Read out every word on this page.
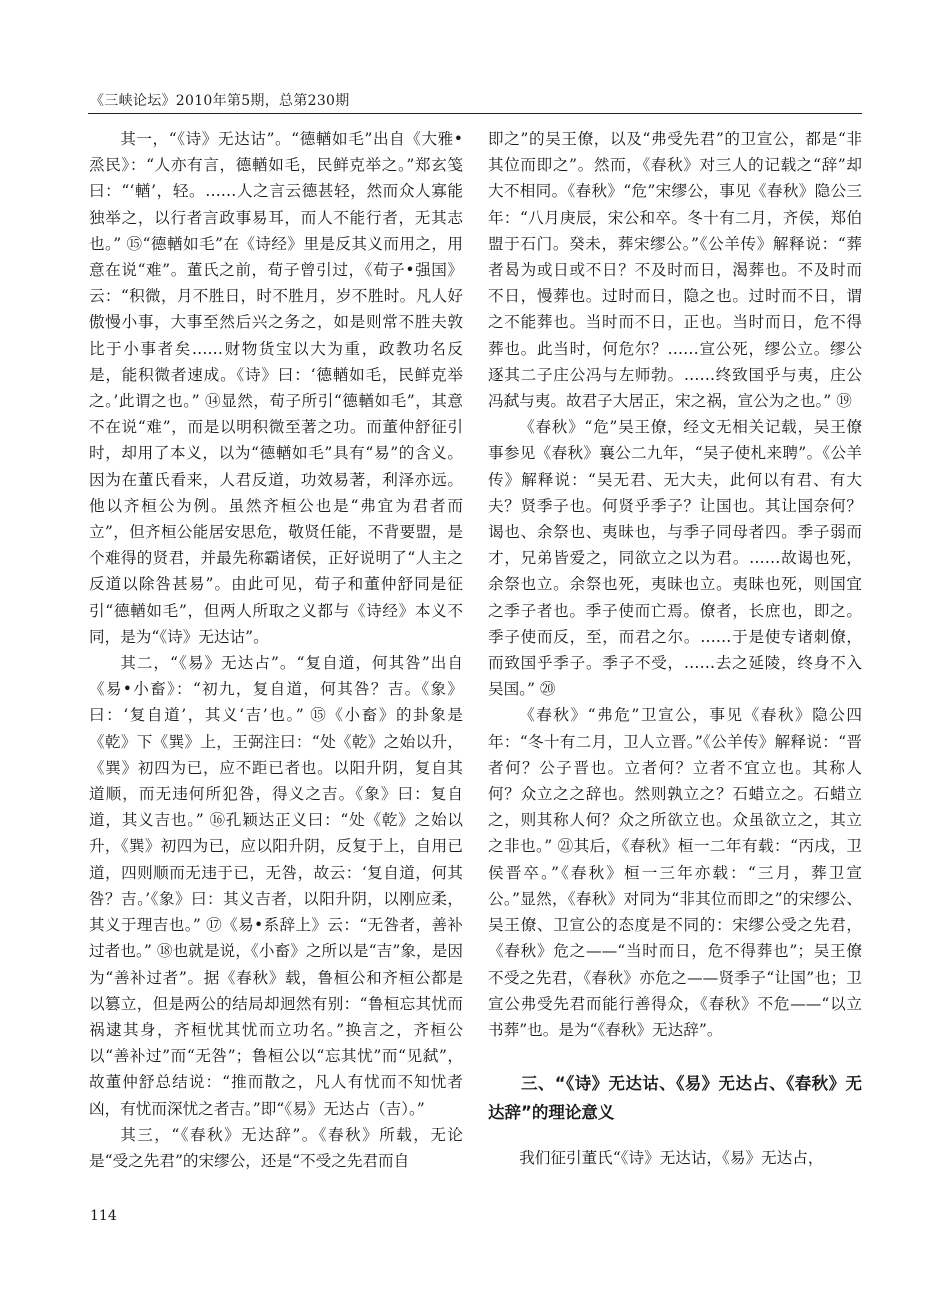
《三峡论坛》2010年第5期，总第230期

其一，“《诗》无达诂”。“德輶如毛”出自《大雅•烝民》：“人亦有言，德輶如毛，民鲜克举之。”郑玄笺曰：“‘輶’，轻。……人之言云德甚轻，然而众人寡能独举之，以行者言政事易耳，而人不能行者，无其志也。” ⑮“德輶如毛”在《诗经》里是反其义而用之，用意在说“难”。董氏之前，荀子曾引过，《荀子•强国》云：“积微，月不胜日，时不胜月，岁不胜时。凡人好傲慢小事，大事至然后兴之务之，如是则常不胜夫敦比于小事者矣……财物货宝以大为重，政教功名反是，能积微者速成。《诗》曰：‘德輶如毛，民鲜克举之。’此谓之也。” ⑭显然，荀子所引“德輶如毛”，其意不在说“难”，而是以明积微至著之功。而董仲舒征引时，却用了本义，以为“德輶如毛”具有“易”的含义。因为在董氏看来，人君反道，功效易著，利泽亦远。他以齐桓公为例。虽然齐桓公也是“弗宜为君者而立”，但齐桓公能居安思危，敬贤任能，不背要盟，是个难得的贤君，并最先称霸诸侯，正好说明了“人主之反道以除咎甚易”。由此可见，荀子和董仲舒同是征引“德輶如毛”，但两人所取之义都与《诗经》本义不同，是为“《诗》无达诂”。

其二，“《易》无达占”。“复自道，何其咎”出自《易•小畜》：“初九，复自道，何其咎？吉。《象》曰：‘复自道’，其义‘吉’也。” ⑮《小畜》的卦象是《乾》下《巽》上，王弼注曰：“处《乾》之始以升，《巽》初四为已，应不距已者也。以阳升阴，复自其道顺，而无违何所犯咎，得义之吉。《象》曰：复自道，其义吉也。” ⑯孔颖达正义曰：“处《乾》之始以升，《巽》初四为已，应以阳升阴，反复于上，自用已道，四则顺而无违于已，无咎，故云：‘复自道，何其咎？吉。’《象》曰：其义吉者，以阳升阴，以刚应柔，其义于理吉也。” ⑰《易•系辞上》云：“无咎者，善补过者也。” ⑱也就是说，《小畜》之所以是“吉”象，是因为“善补过者”。据《春秋》载，鲁桓公和齐桓公都是以篡立，但是两公的结局却迥然有别：“鲁桓忘其忧而祸逮其身，齐桓忧其忧而立功名。”换言之，齐桓公以“善补过”而“无咎”；鲁桓公以“忘其忧”而“见弑”，故董仲舒总结说：“推而散之，凡人有忧而不知忧者凶，有忧而深忧之者吉。”即“《易》无达占（吉）。”

其三，“《春秋》无达辞”。《春秋》所载，无论是“受之先君”的宋缪公，还是“不受之先君而自

即之”的吴王僚，以及“弗受先君”的卫宣公，都是“非其位而即之”。然而，《春秋》对三人的记载之“辞”却大不相同。《春秋》“危”宋缪公，事见《春秋》隐公三年：“八月庚辰，宋公和卒。冬十有二月，齐侯，郑伯盟于石门。癸未，葬宋缪公。”《公羊传》解释说：“葬者曷为或日或不日？不及时而日，渴葬也。不及时而不日，慢葬也。过时而日，隐之也。过时而不日，谓之不能葬也。当时而不日，正也。当时而日，危不得葬也。此当时，何危尔？……宣公死，缪公立。缪公逐其二子庄公冯与左师勃。……终致国乎与夷，庄公冯弑与夷。故君子大居正，宋之祸，宣公为之也。” ⑲

《春秋》“危”吴王僚，经文无相关记载，吴王僚事参见《春秋》襄公二九年，“吴子使札来聘”。《公羊传》解释说：“吴无君、无大夫，此何以有君、有大夫？贤季子也。何贤乎季子？让国也。其让国奈何？谒也、余祭也、夷昧也，与季子同母者四。季子弱而才，兄弟皆爱之，同欲立之以为君。……故谒也死，余祭也立。余祭也死，夷昧也立。夷昧也死，则国宜之季子者也。季子使而亡焉。僚者，长庶也，即之。季子使而反，至，而君之尔。……于是使专诸刺僚，而致国乎季子。季子不受，……去之延陵，终身不入吴国。” ⑳

《春秋》“弗危”卫宣公，事见《春秋》隐公四年：“冬十有二月，卫人立晋。”《公羊传》解释说：“晋者何？公子晋也。立者何？立者不宜立也。其称人何？众立之之辞也。然则孰立之？石蜡立之。石蜡立之，则其称人何？众之所欲立也。众虽欲立之，其立之非也。” ㉑其后，《春秋》桓一二年有载：“丙戌，卫侯晋卒。”《春秋》桓一三年亦载：“三月，葬卫宣公。”显然，《春秋》对同为“非其位而即之”的宋缪公、吴王僚、卫宣公的态度是不同的：宋缪公受之先君，《春秋》危之——“当时而日，危不得葬也”；吴王僚不受之先君，《春秋》亦危之——贤季子“让国”也；卫宣公弗受先君而能行善得众，《春秋》不危——“以立书葬”也。是为“《春秋》无达辞”。

三、“《诗》无达诂、《易》无达占、《春秋》无达辞”的理论意义

我们征引董氏“《诗》无达诂，《易》无达占，

114
